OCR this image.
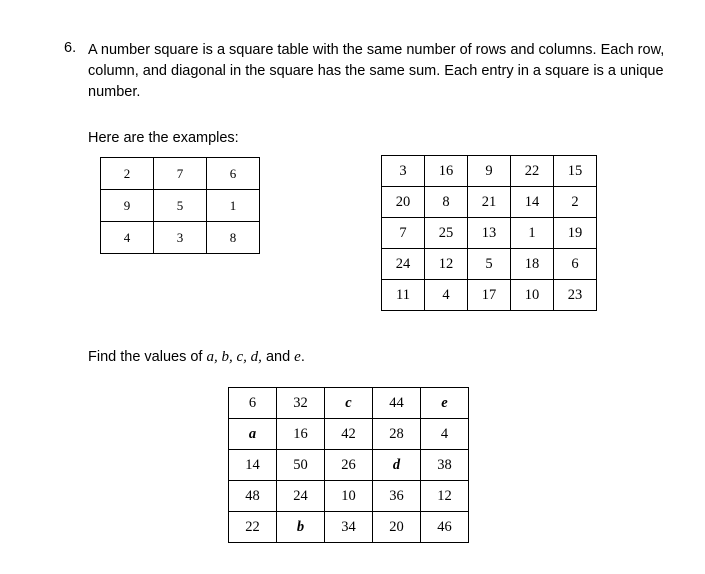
6. A number square is a square table with the same number of rows and columns. Each row, column, and diagonal in the square has the same sum. Each entry in a square is a unique number.

Here are the examples:

2	7	6
9	5	1
4	3	8
3	16	9	22	15
20	8	21	14	2
7	25	13	1	19
24	12	5	18	6
11	4	17	10	23

Find the values of a, b, c, d, and e.

6	32	c	44	e
a	16	42	28	4
14	50	26	d	38
48	24	10	36	12
22	b	34	20	46
